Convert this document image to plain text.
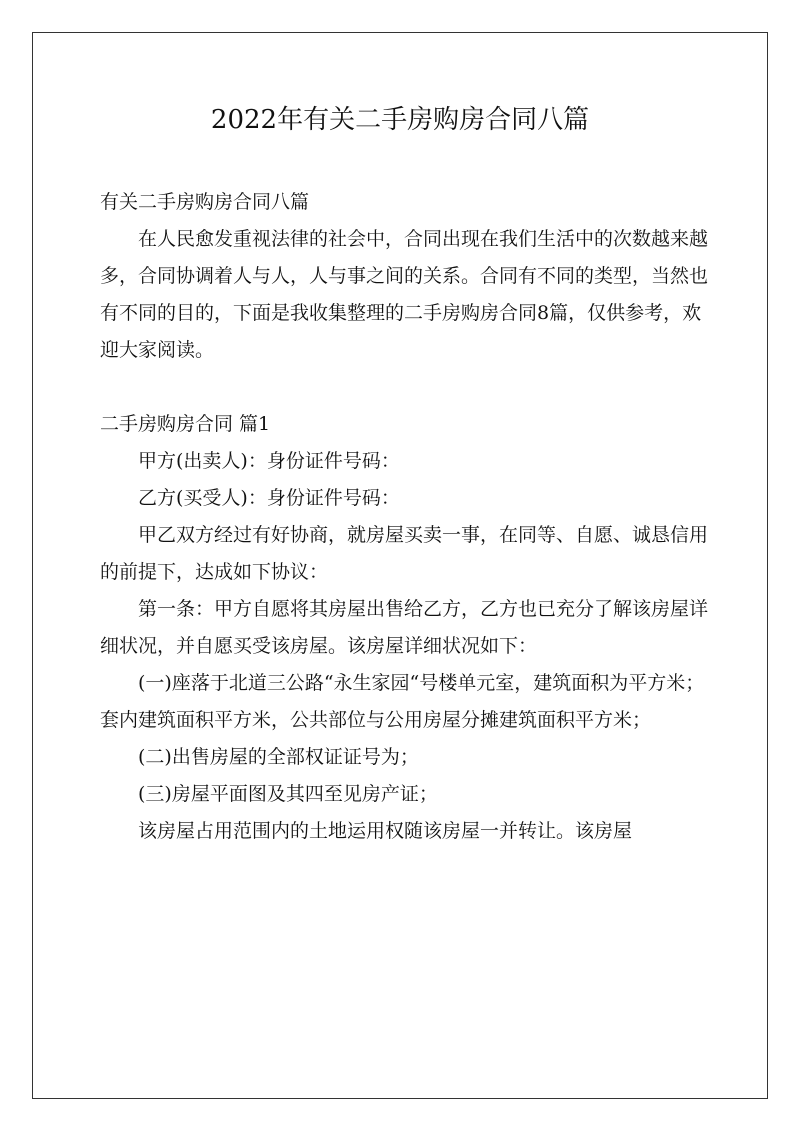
2022年有关二手房购房合同八篇

有关二手房购房合同八篇

在人民愈发重视法律的社会中，合同出现在我们生活中的次数越来越多，合同协调着人与人，人与事之间的关系。合同有不同的类型，当然也有不同的目的，下面是我收集整理的二手房购房合同8篇，仅供参考，欢迎大家阅读。

二手房购房合同 篇1

甲方(出卖人)：身份证件号码：

乙方(买受人)：身份证件号码：

甲乙双方经过有好协商，就房屋买卖一事，在同等、自愿、诚恳信用的前提下，达成如下协议：

第一条：甲方自愿将其房屋出售给乙方，乙方也已充分了解该房屋详细状况，并自愿买受该房屋。该房屋详细状况如下：

(一)座落于北道三公路“永生家园“号楼单元室，建筑面积为平方米；套内建筑面积平方米，公共部位与公用房屋分摊建筑面积平方米；

(二)出售房屋的全部权证证号为；

(三)房屋平面图及其四至见房产证；

该房屋占用范围内的土地运用权随该房屋一并转让。该房屋
